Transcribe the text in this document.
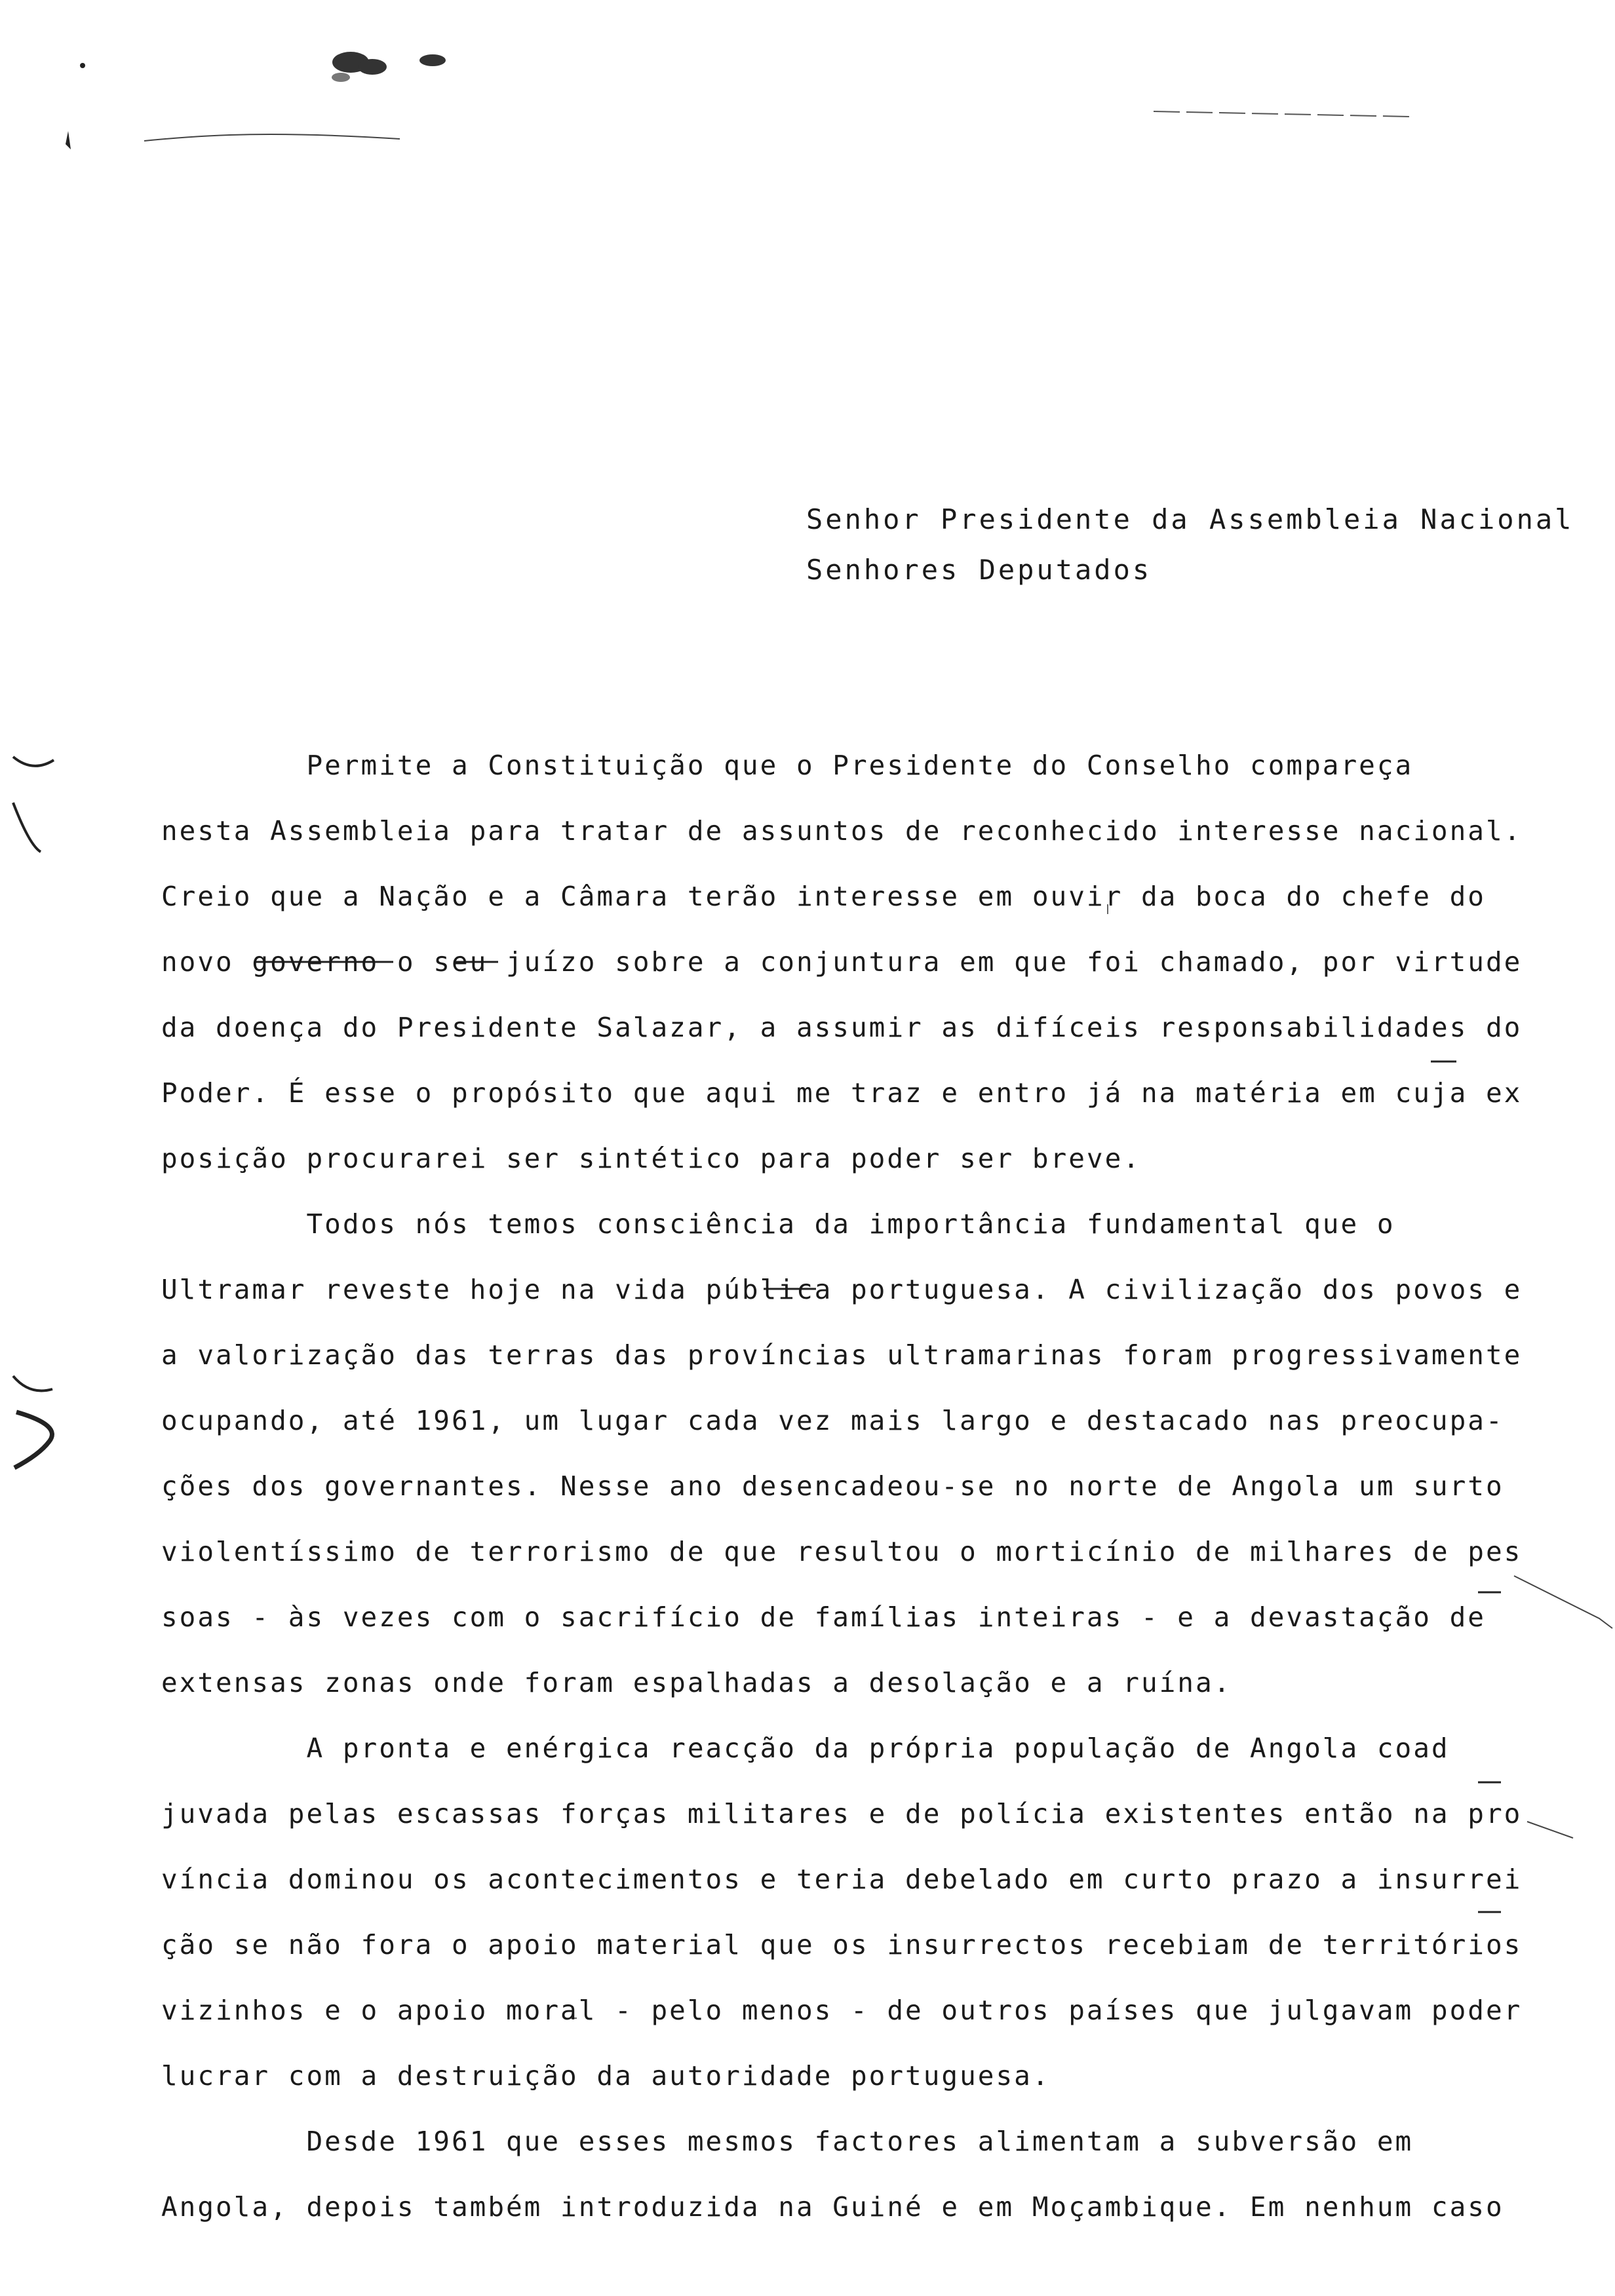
Senhor Presidente da Assembleia Nacional

Senhores Deputados

Permite a Constituição que o Presidente do Conselho compareça

nesta Assembleia para tratar de assuntos de reconhecido interesse nacional.

Creio que a Nação e a Câmara terão interesse em ouvir da boca do chefe do

novo governo o seu juízo sobre a conjuntura em que foi chamado, por virtude

da doença do Presidente Salazar, a assumir as difíceis responsabilidades do

Poder. É esse o propósito que aqui me traz e entro já na matéria em cuja ex

posição procurarei ser sintético para poder ser breve.

Todos nós temos consciência da importância fundamental que o

Ultramar reveste hoje na vida pública portuguesa. A civilização dos povos e

a valorização das terras das províncias ultramarinas foram progressivamente

ocupando, até 1961, um lugar cada vez mais largo e destacado nas preocupa-

ções dos governantes. Nesse ano desencadeou-se no norte de Angola um surto

violentíssimo de terrorismo de que resultou o morticínio de milhares de pes

soas - às vezes com o sacrifício de famílias inteiras - e a devastação de

extensas zonas onde foram espalhadas a desolação e a ruína.

A pronta e enérgica reacção da própria população de Angola coad

juvada pelas escassas forças militares e de polícia existentes então na pro

víncia dominou os acontecimentos e teria debelado em curto prazo a insurrei

ção se não fora o apoio material que os insurrectos recebiam de territórios

vizinhos e o apoio moral - pelo menos - de outros países que julgavam poder

lucrar com a destruição da autoridade portuguesa.

Desde 1961 que esses mesmos factores alimentam a subversão em

Angola, depois também introduzida na Guiné e em Moçambique. Em nenhum caso
